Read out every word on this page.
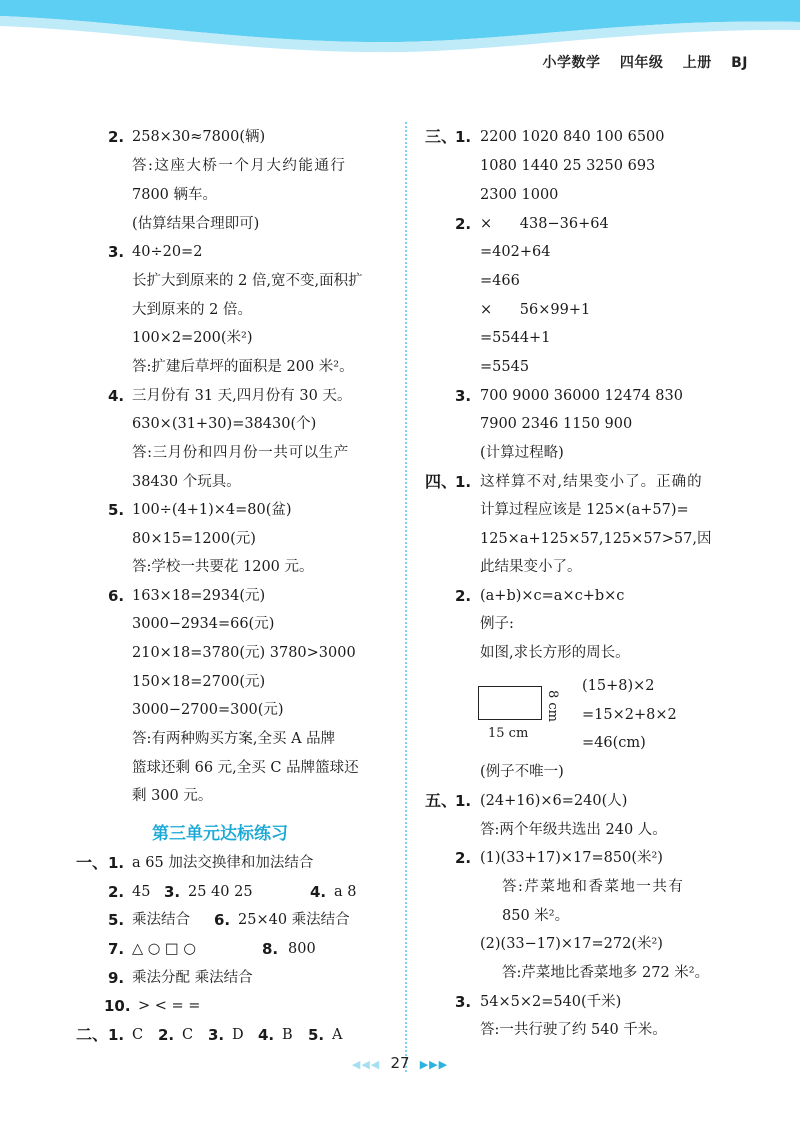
小学数学 四年级 上册 BJ
2. 258×30≈7800(辆)
答:这座大桥一个月大约能通行
7800 辆车。
(估算结果合理即可)
3. 40÷20=2
长扩大到原来的 2 倍,宽不变,面积扩
大到原来的 2 倍。
100×2=200(米²)
答:扩建后草坪的面积是 200 米²。
4. 三月份有 31 天,四月份有 30 天。
630×(31+30)=38430(个)
答:三月份和四月份一共可以生产
38430 个玩具。
5. 100÷(4+1)×4=80(盆)
80×15=1200(元)
答:学校一共要花 1200 元。
6. 163×18=2934(元)
3000−2934=66(元)
210×18=3780(元) 3780>3000
150×18=2700(元)
3000−2700=300(元)
答:有两种购买方案,全买 A 品牌
篮球还剩 66 元,全买 C 品牌篮球还
剩 300 元。
第三单元达标练习
一、 1. a 65 加法交换律和加法结合
2. 45 3. 25 40 25	4. a 8
5. 乘法结合 6. 25×40 乘法结合
7. △ ○ □ ○	8. 800
9. 乘法分配 乘法结合
10. > < = =
二、 1. C 2. C 3. D 4. B 5. A
三、
1. 2200 1020 840 100 6500
1080 1440 25 3250 693
2300 1000
2. ×      438−36+64
=402+64
=466
×      56×99+1
=5544+1
=5545
3. 700 9000 36000 12474 830
7900 2346 1150 900
(计算过程略)
四、
1. 这样算不对,结果变小了。正确的
计算过程应该是 125×(a+57)=
125×a+125×57,125×57>57,因
此结果变小了。
2. (a+b)×c=a×c+b×c
例子:
如图,求长方形的周长。
15 cm
8 cm
(15+8)×2
=15×2+8×2
=46(cm)
(例子不唯一)
五、
1. (24+16)×6=240(人)
答:两个年级共选出 240 人。
2. (1)(33+17)×17=850(米²)
答:芹菜地和香菜地一共有
850 米²。
(2)(33−17)×17=272(米²)
答:芹菜地比香菜地多 272 米²。
3. 54×5×2=540(千米)
答:一共行驶了约 540 千米。
◀◀◀ 27 ▶▶▶
